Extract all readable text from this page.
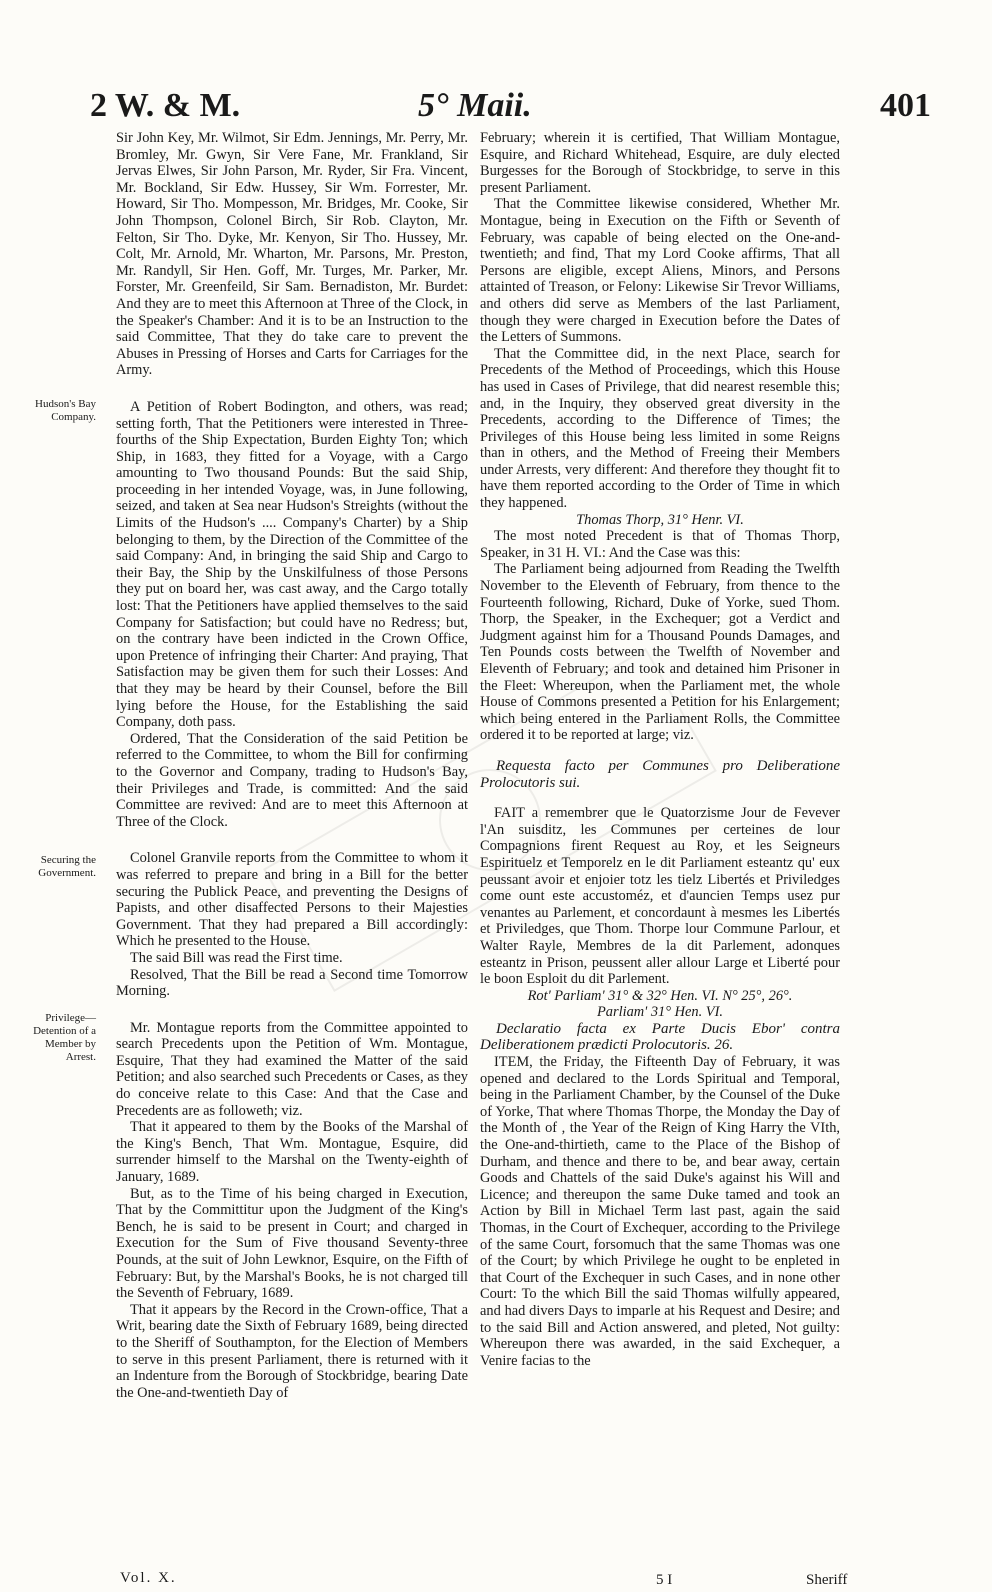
2 W. & M.	5° Maii.	401
Hudson's Bay Company.
Securing the Government.
Privilege—Detention of a Member by Arrest.

Sir John Key, Mr. Wilmot, Sir Edm. Jennings, Mr. Perry, Mr. Bromley, Mr. Gwyn, Sir Vere Fane, Mr. Frankland, Sir Jervas Elwes, Sir John Parson, Mr. Ryder, Sir Fra. Vincent, Mr. Bockland, Sir Edw. Hussey, Sir Wm. Forrester, Mr. Howard, Sir Tho. Mompesson, Mr. Bridges, Mr. Cooke, Sir John Thompson, Colonel Birch, Sir Rob. Clayton, Mr. Felton, Sir Tho. Dyke, Mr. Kenyon, Sir Tho. Hussey, Mr. Colt, Mr. Arnold, Mr. Wharton, Mr. Parsons, Mr. Preston, Mr. Randyll, Sir Hen. Goff, Mr. Turges, Mr. Parker, Mr. Forster, Mr. Greenfeild, Sir Sam. Bernadiston, Mr. Burdet: And they are to meet this Afternoon at Three of the Clock, in the Speaker's Chamber: And it is to be an Instruction to the said Committee, That they do take care to prevent the Abuses in Pressing of Horses and Carts for Carriages for the Army.

A Petition of Robert Bodington, and others, was read; setting forth, That the Petitioners were interested in Three-fourths of the Ship Expectation, Burden Eighty Ton; which Ship, in 1683, they fitted for a Voyage, with a Cargo amounting to Two thousand Pounds: But the said Ship, proceeding in her intended Voyage, was, in June following, seized, and taken at Sea near Hudson's Streights (without the Limits of the Hudson's .... Company's Charter) by a Ship belonging to them, by the Direction of the Committee of the said Company: And, in bringing the said Ship and Cargo to their Bay, the Ship by the Unskilfulness of those Persons they put on board her, was cast away, and the Cargo totally lost: That the Petitioners have applied themselves to the said Company for Satisfaction; but could have no Redress; but, on the contrary have been indicted in the Crown Office, upon Pretence of infringing their Charter: And praying, That Satisfaction may be given them for such their Losses: And that they may be heard by their Counsel, before the Bill lying before the House, for the Establishing the said Company, doth pass.

Ordered, That the Consideration of the said Petition be referred to the Committee, to whom the Bill for confirming to the Governor and Company, trading to Hudson's Bay, their Privileges and Trade, is committed: And the said Committee are revived: And are to meet this Afternoon at Three of the Clock.

Colonel Granvile reports from the Committee to whom it was referred to prepare and bring in a Bill for the better securing the Publick Peace, and preventing the Designs of Papists, and other disaffected Persons to their Majesties Government. That they had prepared a Bill accordingly: Which he presented to the House.

The said Bill was read the First time.

Resolved, That the Bill be read a Second time Tomorrow Morning.

Mr. Montague reports from the Committee appointed to search Precedents upon the Petition of Wm. Montague, Esquire, That they had examined the Matter of the said Petition; and also searched such Precedents or Cases, as they do conceive relate to this Case: And that the Case and Precedents are as followeth; viz.

That it appeared to them by the Books of the Marshal of the King's Bench, That Wm. Montague, Esquire, did surrender himself to the Marshal on the Twenty-eighth of January, 1689.

But, as to the Time of his being charged in Execution, That by the Committitur upon the Judgment of the King's Bench, he is said to be present in Court; and charged in Execution for the Sum of Five thousand Seventy-three Pounds, at the suit of John Lewknor, Esquire, on the Fifth of February: But, by the Marshal's Books, he is not charged till the Seventh of February, 1689.

That it appears by the Record in the Crown-office, That a Writ, bearing date the Sixth of February 1689, being directed to the Sheriff of Southampton, for the Election of Members to serve in this present Parliament, there is returned with it an Indenture from the Borough of Stockbridge, bearing Date the One-and-twentieth Day of

February; wherein it is certified, That William Montague, Esquire, and Richard Whitehead, Esquire, are duly elected Burgesses for the Borough of Stockbridge, to serve in this present Parliament.

That the Committee likewise considered, Whether Mr. Montague, being in Execution on the Fifth or Seventh of February, was capable of being elected on the One-and-twentieth; and find, That my Lord Cooke affirms, That all Persons are eligible, except Aliens, Minors, and Persons attainted of Treason, or Felony: Likewise Sir Trevor Williams, and others did serve as Members of the last Parliament, though they were charged in Execution before the Dates of the Letters of Summons.

That the Committee did, in the next Place, search for Precedents of the Method of Proceedings, which this House has used in Cases of Privilege, that did nearest resemble this; and, in the Inquiry, they observed great diversity in the Precedents, according to the Difference of Times; the Privileges of this House being less limited in some Reigns than in others, and the Method of Freeing their Members under Arrests, very different: And therefore they thought fit to have them reported according to the Order of Time in which they happened.

Thomas Thorp, 31° Henr. VI.

The most noted Precedent is that of Thomas Thorp, Speaker, in 31 H. VI.: And the Case was this:

The Parliament being adjourned from Reading the Twelfth November to the Eleventh of February, from thence to the Fourteenth following, Richard, Duke of Yorke, sued Thom. Thorp, the Speaker, in the Exchequer; got a Verdict and Judgment against him for a Thousand Pounds Damages, and Ten Pounds costs between the Twelfth of November and Eleventh of February; and took and detained him Prisoner in the Fleet: Whereupon, when the Parliament met, the whole House of Commons presented a Petition for his Enlargement; which being entered in the Parliament Rolls, the Committee ordered it to be reported at large; viz.

Requesta facto per Communes pro Deliberatione Prolocutoris sui.

FAIT a remembrer que le Quatorzisme Jour de Fevever l'An suisditz, les Communes per certeines de lour Compagnions firent Request au Roy, et les Seigneurs Espirituelz et Temporelz en le dit Parliament esteantz qu' eux peussant avoir et enjoier totz les tielz Libertés et Priviledges come ount este accustoméz, et d'auncien Temps usez pur venantes au Parlement, et concordaunt à mesmes les Libertés et Priviledges, que Thom. Thorpe lour Commune Parlour, et Walter Rayle, Membres de la dit Parlement, adonques esteantz in Prison, peussent aller allour Large et Liberté pour le boon Esploit du dit Parlement.

Rot' Parliam' 31° & 32° Hen. VI. N° 25°, 26°.

Parliam' 31° Hen. VI.

Declaratio facta ex Parte Ducis Ebor' contra Deliberationem prædicti Prolocutoris. 26.

ITEM, the Friday, the Fifteenth Day of February, it was opened and declared to the Lords Spiritual and Temporal, being in the Parliament Chamber, by the Counsel of the Duke of Yorke, That where Thomas Thorpe, the Monday the Day of the Month of , the Year of the Reign of King Harry the VIth, the One-and-thirtieth, came to the Place of the Bishop of Durham, and thence and there to be, and bear away, certain Goods and Chattels of the said Duke's against his Will and Licence; and thereupon the same Duke tamed and took an Action by Bill in Michael Term last past, again the said Thomas, in the Court of Exchequer, according to the Privilege of the same Court, forsomuch that the same Thomas was one of the Court; by which Privilege he ought to be enpleted in that Court of the Exchequer in such Cases, and in none other Court: To the which Bill the said Thomas wilfully appeared, and had divers Days to imparle at his Request and Desire; and to the said Bill and Action answered, and pleted, Not guilty: Whereupon there was awarded, in the said Exchequer, a Venire facias to the

Vol. X.	5 I	Sheriff
